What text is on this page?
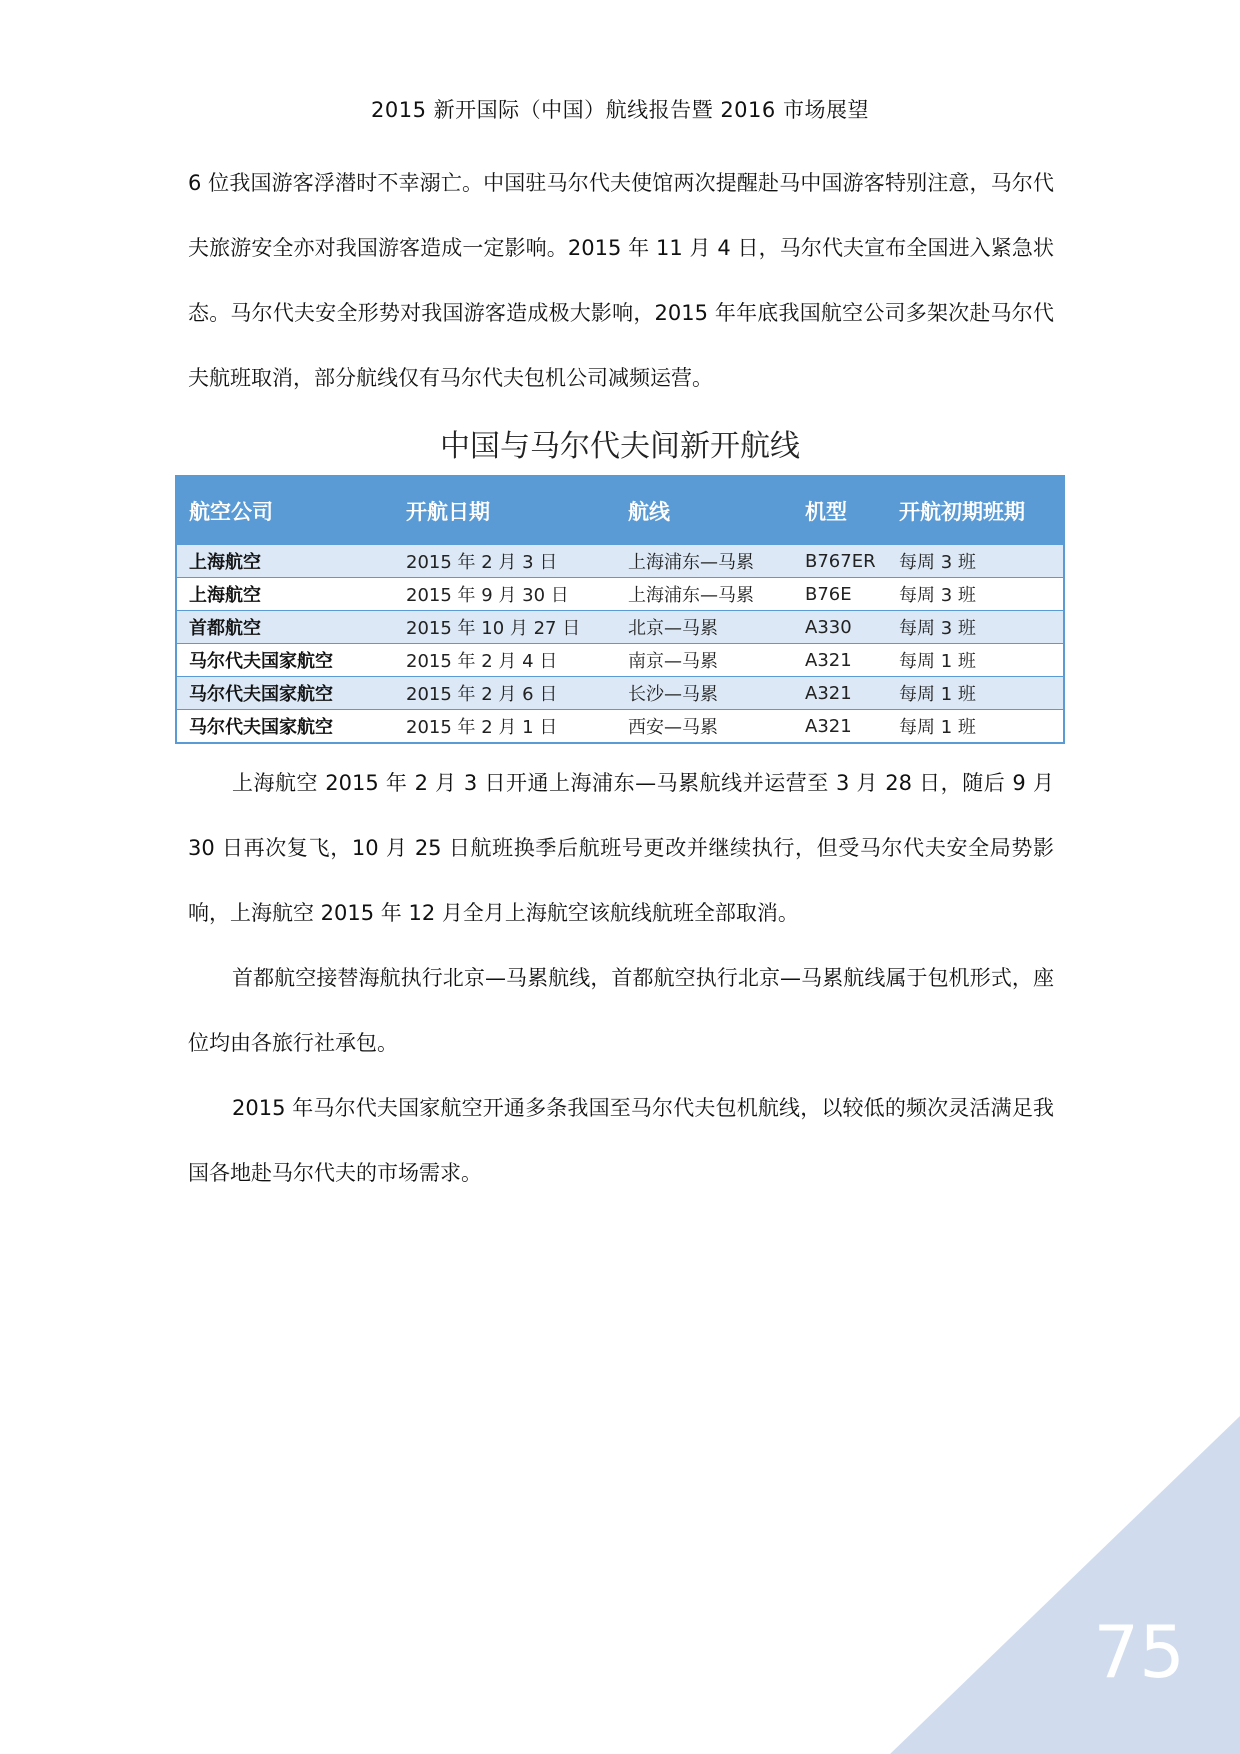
2015 新开国际（中国）航线报告暨 2016 市场展望

6 位我国游客浮潜时不幸溺亡。中国驻马尔代夫使馆两次提醒赴马中国游客特别注意，马尔代夫旅游安全亦对我国游客造成一定影响。2015 年 11 月 4 日，马尔代夫宣布全国进入紧急状态。马尔代夫安全形势对我国游客造成极大影响，2015 年年底我国航空公司多架次赴马尔代夫航班取消，部分航线仅有马尔代夫包机公司减频运营。

中国与马尔代夫间新开航线
航空公司	开航日期	航线	机型	开航初期班期
上海航空	2015 年 2 月 3 日	上海浦东—马累	B767ER	每周 3 班
上海航空	2015 年 9 月 30 日	上海浦东—马累	B76E	每周 3 班
首都航空	2015 年 10 月 27 日	北京—马累	A330	每周 3 班
马尔代夫国家航空	2015 年 2 月 4 日	南京—马累	A321	每周 1 班
马尔代夫国家航空	2015 年 2 月 6 日	长沙—马累	A321	每周 1 班
马尔代夫国家航空	2015 年 2 月 1 日	西安—马累	A321	每周 1 班

上海航空 2015 年 2 月 3 日开通上海浦东—马累航线并运营至 3 月 28 日，随后 9 月 30 日再次复飞，10 月 25 日航班换季后航班号更改并继续执行，但受马尔代夫安全局势影响，上海航空 2015 年 12 月全月上海航空该航线航班全部取消。

首都航空接替海航执行北京—马累航线，首都航空执行北京—马累航线属于包机形式，座位均由各旅行社承包。

2015 年马尔代夫国家航空开通多条我国至马尔代夫包机航线，以较低的频次灵活满足我国各地赴马尔代夫的市场需求。

75
